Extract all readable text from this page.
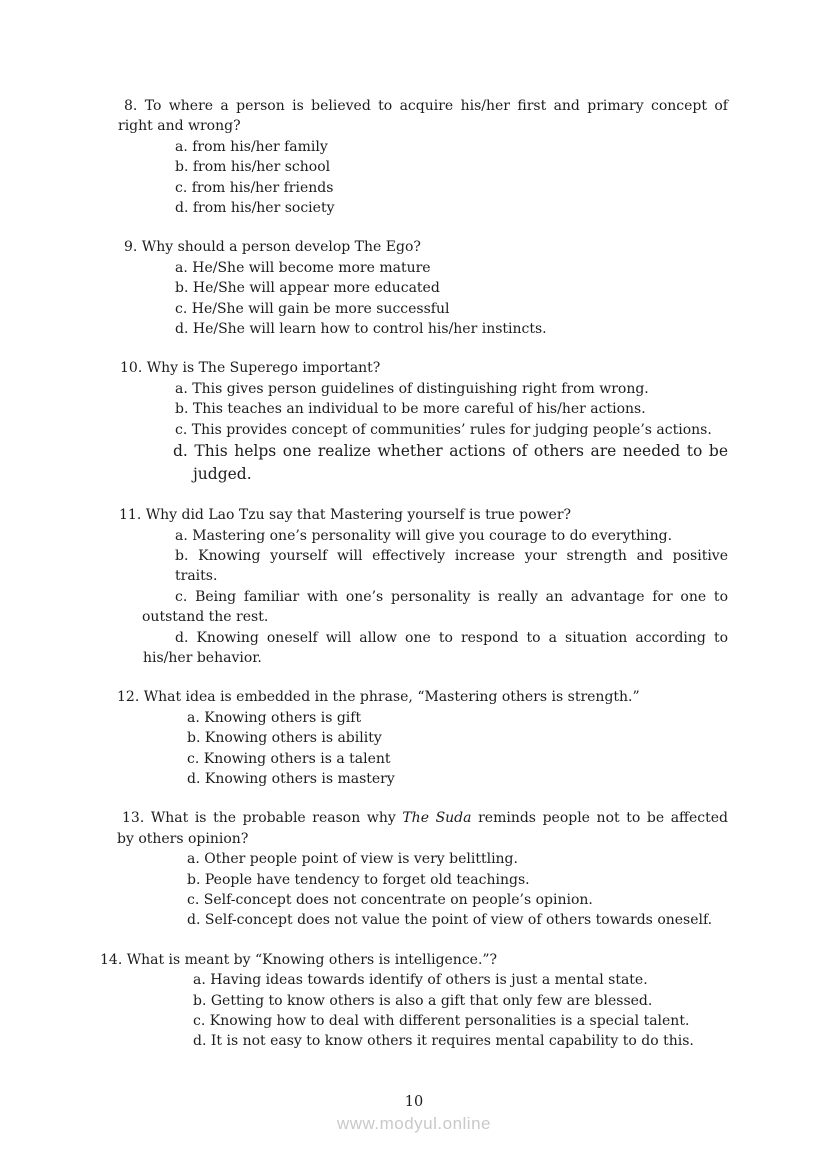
8. To where a person is believed to acquire his/her first and primary concept of
right and wrong?
a. from his/her family
b. from his/her school
c. from his/her friends
d. from his/her society
9. Why should a person develop The Ego?
a. He/She will become more mature
b. He/She will appear more educated
c. He/She will gain be more successful
d. He/She will learn how to control his/her instincts.
10. Why is The Superego important?
a. This gives person guidelines of distinguishing right from wrong.
b. This teaches an individual to be more careful of his/her actions.
c. This provides concept of communities’ rules for judging people’s actions.
d. This helps one realize whether actions of others are needed to be
judged.
11. Why did Lao Tzu say that Mastering yourself is true power?
a. Mastering one’s personality will give you courage to do everything.
b. Knowing yourself will effectively increase your strength and positive
traits.
c. Being familiar with one’s personality is really an advantage for one to
outstand the rest.
d. Knowing oneself will allow one to respond to a situation according to
his/her behavior.
12. What idea is embedded in the phrase, “Mastering others is strength.”
a. Knowing others is gift
b. Knowing others is ability
c. Knowing others is a talent
d. Knowing others is mastery
13. What is the probable reason why The Suda reminds people not to be affected
by others opinion?
a. Other people point of view is very belittling.
b. People have tendency to forget old teachings.
c. Self-concept does not concentrate on people’s opinion.
d. Self-concept does not value the point of view of others towards oneself.
14. What is meant by “Knowing others is intelligence.”?
a. Having ideas towards identify of others is just a mental state.
b. Getting to know others is also a gift that only few are blessed.
c. Knowing how to deal with different personalities is a special talent.
d. It is not easy to know others it requires mental capability to do this.
10
www.modyul.online
